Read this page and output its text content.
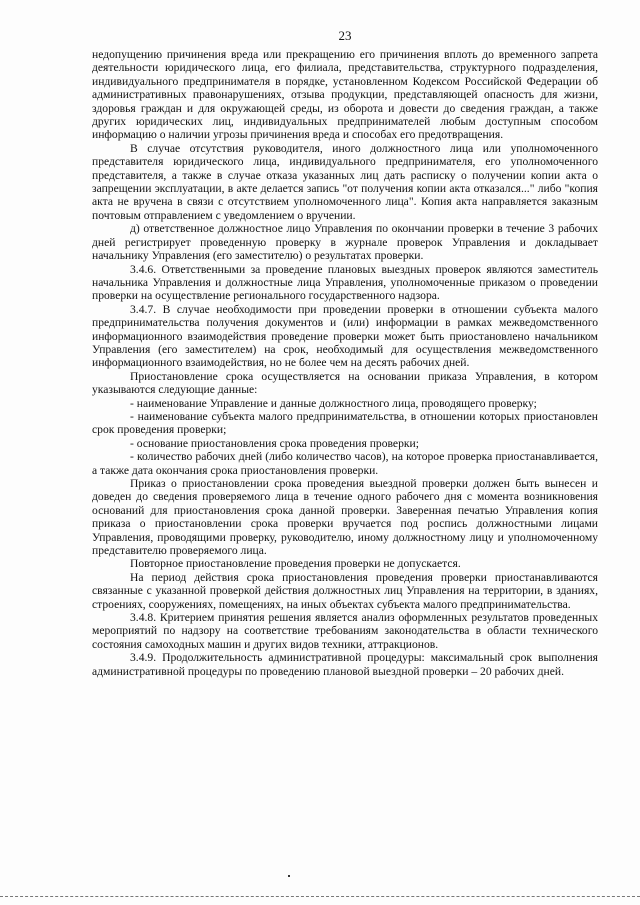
23

недопущению причинения вреда или прекращению его причинения вплоть до временного запрета деятельности юридического лица, его филиала, представительства, структурного подразделения, индивидуального предпринимателя в порядке, установленном Кодексом Российской Федерации об административных правонарушениях, отзыва продукции, представляющей опасность для жизни, здоровья граждан и для окружающей среды, из оборота и довести до сведения граждан, а также других юридических лиц, индивидуальных предпринимателей любым доступным способом информацию о наличии угрозы причинения вреда и способах его предотвращения.

В случае отсутствия руководителя, иного должностного лица или уполномоченного представителя юридического лица, индивидуального предпринимателя, его уполномоченного представителя, а также в случае отказа указанных лиц дать расписку о получении копии акта о запрещении эксплуатации, в акте делается запись "от получения копии акта отказался..." либо "копия акта не вручена в связи с отсутствием уполномоченного лица". Копия акта направляется заказным почтовым отправлением с уведомлением о вручении.

д) ответственное должностное лицо Управления по окончании проверки в течение 3 рабочих дней регистрирует проведенную проверку в журнале проверок Управления и докладывает начальнику Управления (его заместителю) о результатах проверки.

3.4.6. Ответственными за проведение плановых выездных проверок являются заместитель начальника Управления и должностные лица Управления, уполномоченные приказом о проведении проверки на осуществление регионального государственного надзора.

3.4.7. В случае необходимости при проведении проверки в отношении субъекта малого предпринимательства получения документов и (или) информации в рамках межведомственного информационного взаимодействия проведение проверки может быть приостановлено начальником Управления (его заместителем) на срок, необходимый для осуществления межведомственного информационного взаимодействия, но не более чем на десять рабочих дней.

Приостановление срока осуществляется на основании приказа Управления, в котором указываются следующие данные:

- наименование Управление и данные должностного лица, проводящего проверку;

- наименование субъекта малого предпринимательства, в отношении которых приостановлен срок проведения проверки;

- основание приостановления срока проведения проверки;

- количество рабочих дней (либо количество часов), на которое проверка приостанавливается, а также дата окончания срока приостановления проверки.

Приказ о приостановлении срока проведения выездной проверки должен быть вынесен и доведен до сведения проверяемого лица в течение одного рабочего дня с момента возникновения оснований для приостановления срока данной проверки. Заверенная печатью Управления копия приказа о приостановлении срока проверки вручается под роспись должностными лицами Управления, проводящими проверку, руководителю, иному должностному лицу и уполномоченному представителю проверяемого лица.

Повторное приостановление проведения проверки не допускается.

На период действия срока приостановления проведения проверки приостанавливаются связанные с указанной проверкой действия должностных лиц Управления на территории, в зданиях, строениях, сооружениях, помещениях, на иных объектах субъекта малого предпринимательства.

3.4.8. Критерием принятия решения является анализ оформленных результатов проведенных мероприятий по надзору на соответствие требованиям законодательства в области технического состояния самоходных машин и других видов техники, аттракционов.

3.4.9. Продолжительность административной процедуры: максимальный срок выполнения административной процедуры по проведению плановой выездной проверки – 20 рабочих дней.
